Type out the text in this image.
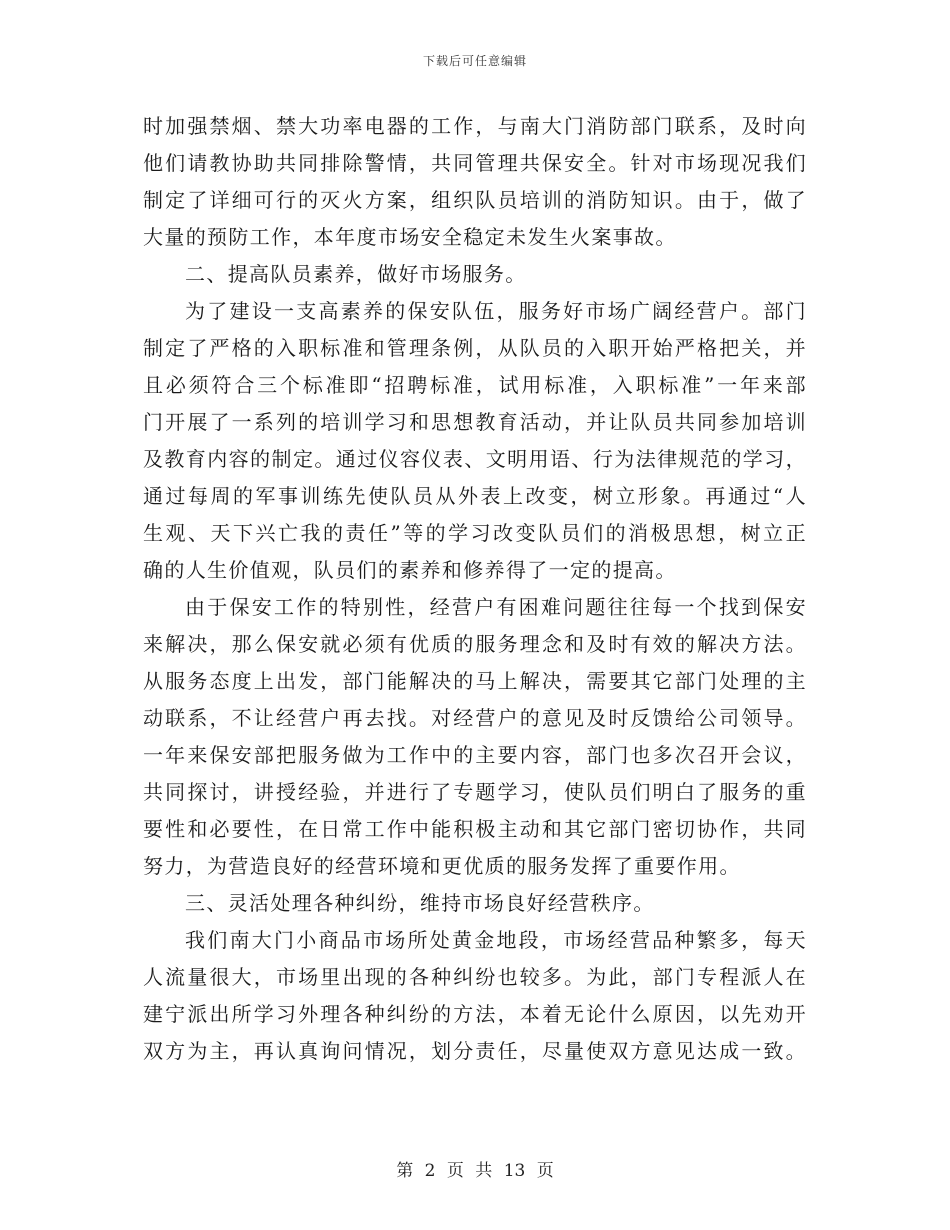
下载后可任意编辑
时加强禁烟、禁大功率电器的工作，与南大门消防部门联系，及时向
他们请教协助共同排除警情，共同管理共保安全。针对市场现况我们
制定了详细可行的灭火方案，组织队员培训的消防知识。由于，做了
大量的预防工作，本年度市场安全稳定未发生火案事故。
二、提高队员素养，做好市场服务。
为了建设一支高素养的保安队伍，服务好市场广阔经营户。部门
制定了严格的入职标准和管理条例，从队员的入职开始严格把关，并
且必须符合三个标准即“招聘标准，试用标准，入职标准”一年来部
门开展了一系列的培训学习和思想教育活动，并让队员共同参加培训
及教育内容的制定。通过仪容仪表、文明用语、行为法律规范的学习，
通过每周的军事训练先使队员从外表上改变，树立形象。再通过“人
生观、天下兴亡我的责任”等的学习改变队员们的消极思想，树立正
确的人生价值观，队员们的素养和修养得了一定的提高。
由于保安工作的特别性，经营户有困难问题往往每一个找到保安
来解决，那么保安就必须有优质的服务理念和及时有效的解决方法。
从服务态度上出发，部门能解决的马上解决，需要其它部门处理的主
动联系，不让经营户再去找。对经营户的意见及时反馈给公司领导。
一年来保安部把服务做为工作中的主要内容，部门也多次召开会议，
共同探讨，讲授经验，并进行了专题学习，使队员们明白了服务的重
要性和必要性，在日常工作中能积极主动和其它部门密切协作，共同
努力，为营造良好的经营环境和更优质的服务发挥了重要作用。
三、灵活处理各种纠纷，维持市场良好经营秩序。
我们南大门小商品市场所处黄金地段，市场经营品种繁多，每天
人流量很大，市场里出现的各种纠纷也较多。为此，部门专程派人在
建宁派出所学习外理各种纠纷的方法，本着无论什么原因，以先劝开
双方为主，再认真询问情况，划分责任，尽量使双方意见达成一致。
第 2 页 共 13 页
